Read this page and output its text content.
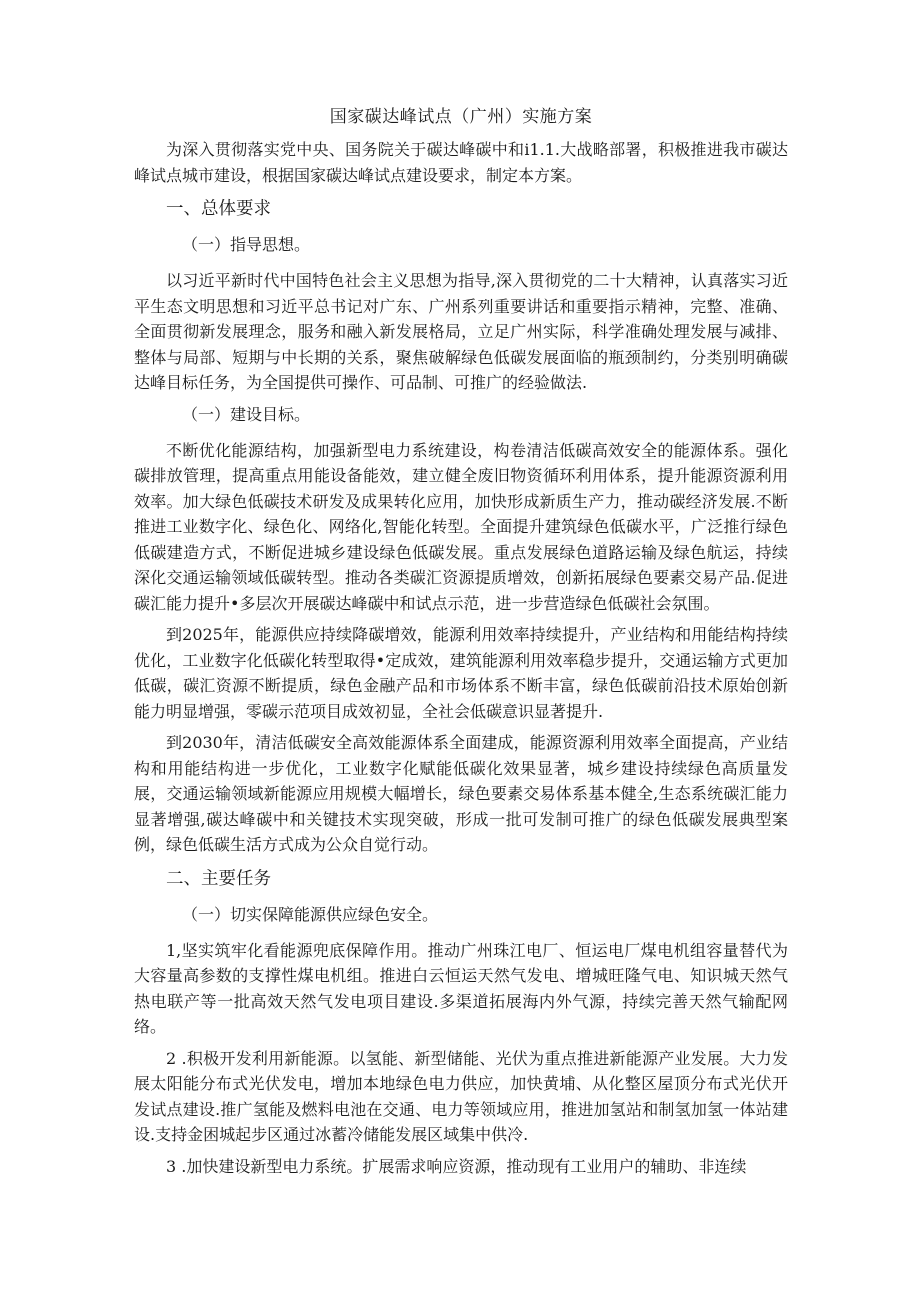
国家碳达峰试点（广州）实施方案

为深入贯彻落实党中央、国务院关于碳达峰碳中和i1.1.大战略部署，积极推进我市碳达峰试点城市建设，根据国家碳达峰试点建设要求，制定本方案。

一、总体要求
（一）指导思想。

以习近平新时代中国特色社会主义思想为指导,深入贯彻党的二十大精神，认真落实习近平生态文明思想和习近平总书记对广东、广州系列重要讲话和重要指示精神，完整、准确、全面贯彻新发展理念，服务和融入新发展格局，立足广州实际，科学准确处理发展与减排、整体与局部、短期与中长期的关系，聚焦破解绿色低碳发展面临的瓶颈制约，分类别明确碳达峰目标任务，为全国提供可操作、可品制、可推广的经验做法.

（一）建设目标。

不断优化能源结构，加强新型电力系统建设，构卷清洁低碳高效安全的能源体系。强化碳排放管理，提高重点用能设备能效，建立健全废旧物资循环利用体系，提升能源资源利用效率。加大绿色低碳技术研发及成果转化应用，加快形成新质生产力，推动碳经济发展.不断推进工业数字化、绿色化、网络化,智能化转型。全面提升建筑绿色低碳水平，广泛推行绿色低碳建造方式，不断促进城乡建设绿色低碳发展。重点发展绿色道路运输及绿色航运，持续深化交通运输领域低碳转型。推动各类碳汇资源提质增效，创新拓展绿色要素交易产品.促进碳汇能力提升•多层次开展碳达峰碳中和试点示范，进一步营造绿色低碳社会氛围。

到2025年，能源供应持续降碳增效，能源利用效率持续提升，产业结构和用能结构持续优化，工业数字化低碳化转型取得•定成效，建筑能源利用效率稳步提升，交通运输方式更加低碳，碳汇资源不断提质，绿色金融产品和市场体系不断丰富，绿色低碳前沿技术原始创新能力明显增强，零碳示范项目成效初显，全社会低碳意识显著提升.

到2030年，清洁低碳安全高效能源体系全面建成，能源资源利用效率全面提高，产业结构和用能结构进一步优化，工业数字化赋能低碳化效果显著，城乡建设持续绿色高质量发展，交通运输领域新能源应用规模大幅增长，绿色要素交易体系基本健全,生态系统碳汇能力显著增强,碳达峰碳中和关键技术实现突破，形成一批可发制可推广的绿色低碳发展典型案例，绿色低碳生活方式成为公众自觉行动。

二、主要任务
（一）切实保障能源供应绿色安全。

1,坚实筑牢化看能源兜底保障作用。推动广州珠江电厂、恒运电厂煤电机组容量替代为大容量高参数的支撑性煤电机组。推进白云恒运天然气发电、增城旺隆气电、知识城天然气热电联产等一批高效天然气发电项目建设.多渠道拓展海内外气源，持续完善天然气输配网络。

2 .积极开发利用新能源。以氢能、新型储能、光伏为重点推进新能源产业发展。大力发展太阳能分布式光伏发电，增加本地绿色电力供应，加快黄埔、从化整区屋顶分布式光伏开发试点建设.推广氢能及燃料电池在交通、电力等领域应用，推进加氢站和制氢加氢一体站建设.支持金困城起步区通过冰蓄冷储能发展区域集中供冷.

3 .加快建设新型电力系统。扩展需求响应资源，推动现有工业用户的辅助、非连续
